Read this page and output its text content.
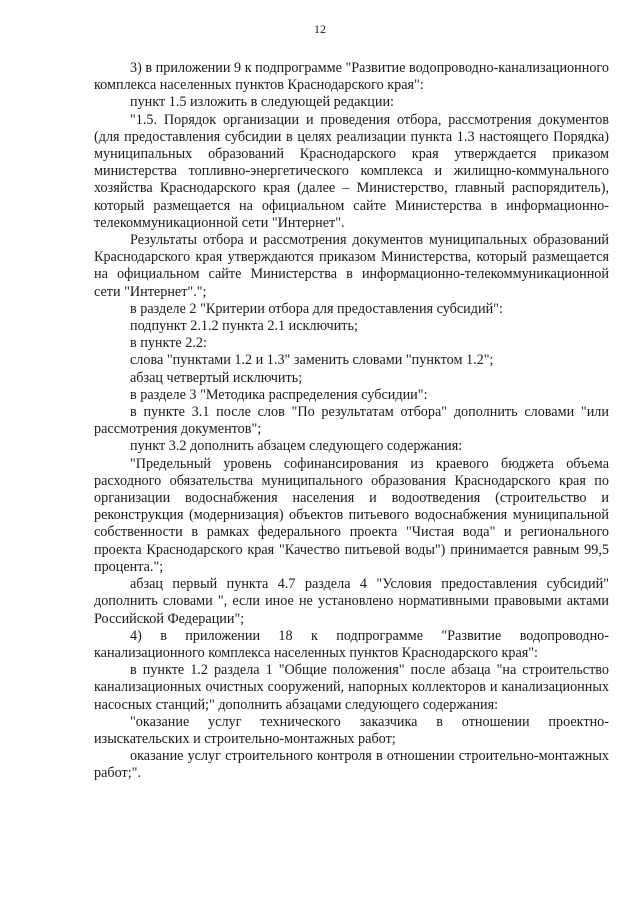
12

3) в приложении 9 к подпрограмме "Развитие водопроводно-канализационного комплекса населенных пунктов Краснодарского края":

пункт 1.5 изложить в следующей редакции:

"1.5. Порядок организации и проведения отбора, рассмотрения документов (для предоставления субсидии в целях реализации пункта 1.3 настоящего Порядка) муниципальных образований Краснодарского края утверждается приказом министерства топливно-энергетического комплекса и жилищно-коммунального хозяйства Краснодарского края (далее – Министерство, главный распорядитель), который размещается на официальном сайте Министерства в информационно-телекоммуникационной сети "Интернет".

Результаты отбора и рассмотрения документов муниципальных образований Краснодарского края утверждаются приказом Министерства, который размещается на официальном сайте Министерства в информационно-телекоммуникационной сети "Интернет".";

в разделе 2 "Критерии отбора для предоставления субсидий":

подпункт 2.1.2 пункта 2.1 исключить;

в пункте 2.2:

слова "пунктами 1.2 и 1.3" заменить словами "пунктом 1.2";

абзац четвертый исключить;

в разделе 3 "Методика распределения субсидии":

в пункте 3.1 после слов "По результатам отбора" дополнить словами "или рассмотрения документов";

пункт 3.2 дополнить абзацем следующего содержания:

"Предельный уровень софинансирования из краевого бюджета объема расходного обязательства муниципального образования Краснодарского края по организации водоснабжения населения и водоотведения (строительство и реконструкция (модернизация) объектов питьевого водоснабжения муниципальной собственности в рамках федерального проекта "Чистая вода" и регионального проекта Краснодарского края "Качество питьевой воды") принимается равным 99,5 процента.";

абзац первый пункта 4.7 раздела 4 "Условия предоставления субсидий" дополнить словами ", если иное не установлено нормативными правовыми актами Российской Федерации";

4) в приложении 18 к подпрограмме "Развитие водопроводно-канализационного комплекса населенных пунктов Краснодарского края":

в пункте 1.2 раздела 1 "Общие положения" после абзаца "на строительство канализационных очистных сооружений, напорных коллекторов и канализационных насосных станций;" дополнить абзацами следующего содержания:

"оказание услуг технического заказчика в отношении проектно-изыскательских и строительно-монтажных работ;

оказание услуг строительного контроля в отношении строительно-монтажных работ;".
